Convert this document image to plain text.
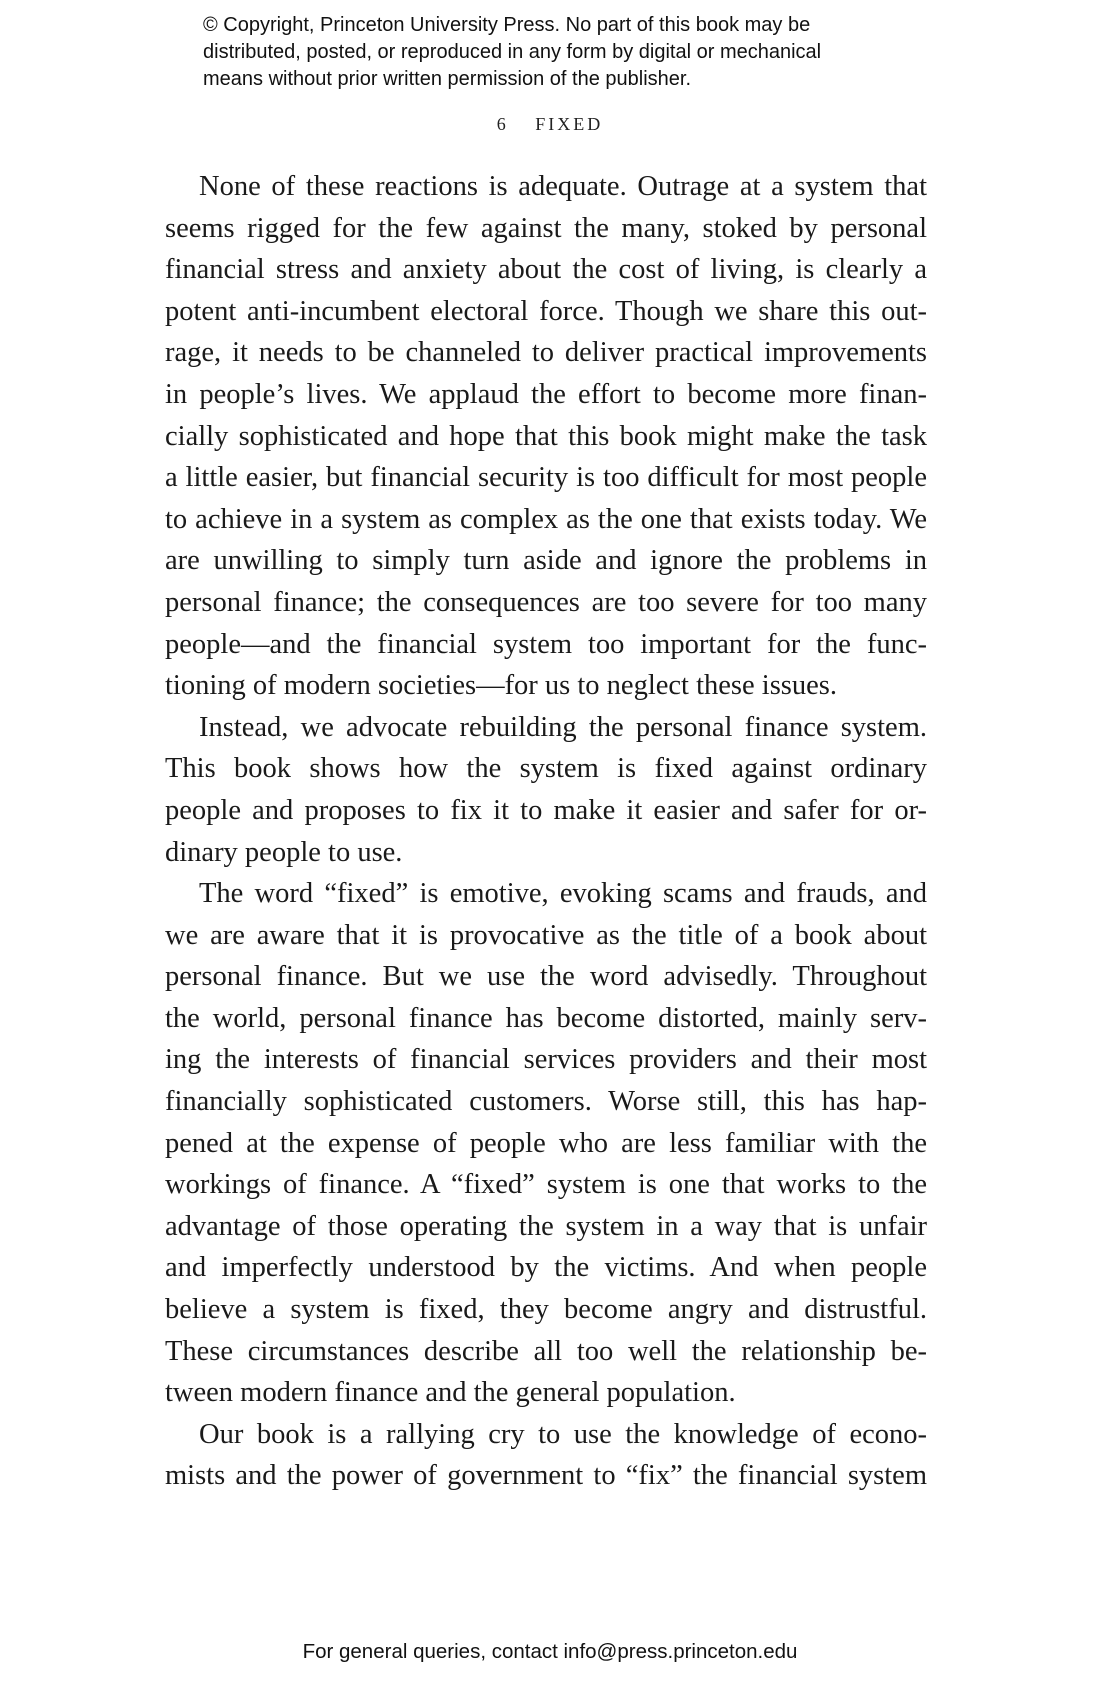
© Copyright, Princeton University Press. No part of this book may be
distributed, posted, or reproduced in any form by digital or mechanical
means without prior written permission of the publisher.
6 FIXED
None of these reactions is adequate. Outrage at a system that
seems rigged for the few against the many, stoked by personal
financial stress and anxiety about the cost of living, is clearly a
potent anti-incumbent electoral force. Though we share this out-
rage, it needs to be channeled to deliver practical improvements
in people’s lives. We applaud the effort to become more finan-
cially sophisticated and hope that this book might make the task
a little easier, but financial security is too difficult for most people
to achieve in a system as complex as the one that exists today. We
are unwilling to simply turn aside and ignore the problems in
personal finance; the consequences are too severe for too many
people—and the financial system too important for the func-
tioning of modern societies—for us to neglect these issues.
Instead, we advocate rebuilding the personal finance system.
This book shows how the system is fixed against ordinary
people and proposes to fix it to make it easier and safer for or-
dinary people to use.
The word “fixed” is emotive, evoking scams and frauds, and
we are aware that it is provocative as the title of a book about
personal finance. But we use the word advisedly. Throughout
the world, personal finance has become distorted, mainly serv-
ing the interests of financial services providers and their most
financially sophisticated customers. Worse still, this has hap-
pened at the expense of people who are less familiar with the
workings of finance. A “fixed” system is one that works to the
advantage of those operating the system in a way that is unfair
and imperfectly understood by the victims. And when people
believe a system is fixed, they become angry and distrustful.
These circumstances describe all too well the relationship be-
tween modern finance and the general population.
Our book is a rallying cry to use the knowledge of econo-
mists and the power of government to “fix” the financial system
For general queries, contact info@press.princeton.edu
